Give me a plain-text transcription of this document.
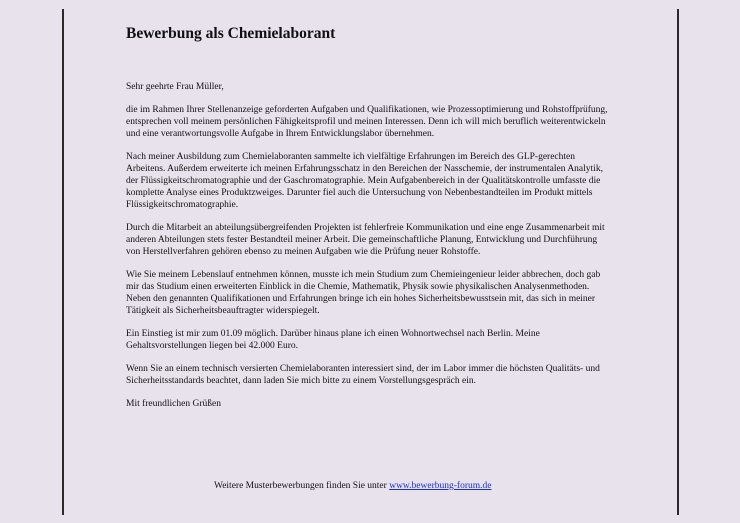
Bewerbung als Chemielaborant

Sehr geehrte Frau Müller,

die im Rahmen Ihrer Stellenanzeige geforderten Aufgaben und Qualifikationen, wie Prozessoptimierung und Rohstoffprüfung, entsprechen voll meinem persönlichen Fähigkeitsprofil und meinen Interessen. Denn ich will mich beruflich weiterentwickeln und eine verantwortungsvolle Aufgabe in Ihrem Entwicklungslabor übernehmen.

Nach meiner Ausbildung zum Chemielaboranten sammelte ich vielfältige Erfahrungen im Bereich des GLP-gerechten Arbeitens. Außerdem erweiterte ich meinen Erfahrungsschatz in den Bereichen der Nasschemie, der instrumentalen Analytik, der Flüssigkeitschromatographie und der Gaschromatographie. Mein Aufgabenbereich in der Qualitätskontrolle umfasste die komplette Analyse eines Produktzweiges. Darunter fiel auch die Untersuchung von Nebenbestandteilen im Produkt mittels Flüssigkeitschromatographie.

Durch die Mitarbeit an abteilungsübergreifenden Projekten ist fehlerfreie Kommunikation und eine enge Zusammenarbeit mit anderen Abteilungen stets fester Bestandteil meiner Arbeit. Die gemeinschaftliche Planung, Entwicklung und Durchführung von Herstellverfahren gehören ebenso zu meinen Aufgaben wie die Prüfung neuer Rohstoffe.

Wie Sie meinem Lebenslauf entnehmen können, musste ich mein Studium zum Chemieingenieur leider abbrechen, doch gab mir das Studium einen erweiterten Einblick in die Chemie, Mathematik, Physik sowie physikalischen Analysenmethoden. Neben den genannten Qualifikationen und Erfahrungen bringe ich ein hohes Sicherheitsbewusstsein mit, das sich in meiner Tätigkeit als Sicherheitsbeauftragter widerspiegelt.

Ein Einstieg ist mir zum 01.09 möglich. Darüber hinaus plane ich einen Wohnortwechsel nach Berlin. Meine Gehaltsvorstellungen liegen bei 42.000 Euro.

Wenn Sie an einem technisch versierten Chemielaboranten interessiert sind, der im Labor immer die höchsten Qualitäts- und Sicherheitsstandards beachtet, dann laden Sie mich bitte zu einem Vorstellungsgespräch ein.

Mit freundlichen Grüßen

Weitere Musterbewerbungen finden Sie unter www.bewerbung-forum.de
